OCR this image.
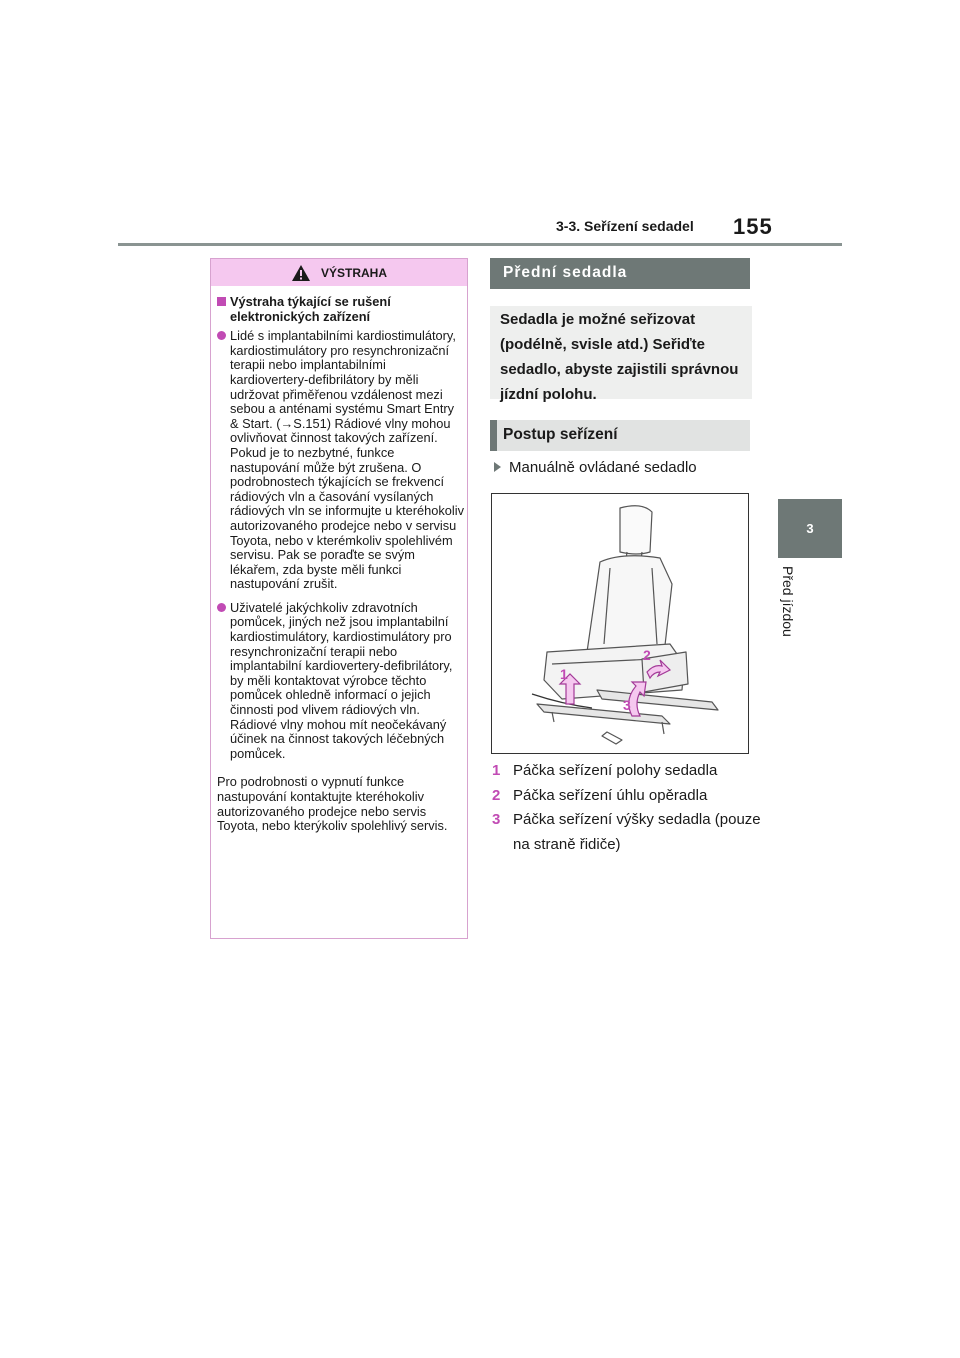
3-3. Seřízení sedadel 155
3
Před jízdou
VÝSTRAHA
Výstraha týkající se rušení elektronických zařízení
Lidé s implantabilními kardiostimulátory, kardiostimulátory pro resynchronizační terapii nebo implantabilními kardiovertery-defibrilátory by měli udržovat přiměřenou vzdálenost mezi sebou a anténami systému Smart Entry & Start. (→S.151) Rádiové vlny mohou ovlivňovat činnost takových zařízení. Pokud je to nezbytné, funkce nastupování může být zrušena. O podrobnostech týkajících se frekvencí rádiových vln a časování vysílaných rádiových vln se informujte u kteréhokoliv autorizovaného prodejce nebo v servisu Toyota, nebo v kterémkoliv spolehlivém servisu. Pak se poraďte se svým lékařem, zda byste měli funkci nastupování zrušit.
Uživatelé jakýchkoliv zdravotních pomůcek, jiných než jsou implantabilní kardiostimulátory, kardiostimulátory pro resynchronizační terapii nebo implantabilní kardiovertery-defibrilátory, by měli kontaktovat výrobce těchto pomůcek ohledně informací o jejich činnosti pod vlivem rádiových vln. Rádiové vlny mohou mít neočekávaný účinek na činnost takových léčebných pomůcek.
Pro podrobnosti o vypnutí funkce nastupování kontaktujte kteréhokoliv autorizovaného prodejce nebo servis Toyota, nebo kterýkoliv spolehlivý servis.
Přední sedadla
Sedadla je možné seřizovat (podélně, svisle atd.) Seřiďte sedadlo, abyste zajistili správnou jízdní polohu.
Postup seřízení
Manuálně ovládané sedadlo
1
2
3
1 Páčka seřízení polohy sedadla
2 Páčka seřízení úhlu opěradla
3 Páčka seřízení výšky sedadla (pouze na straně řidiče)
